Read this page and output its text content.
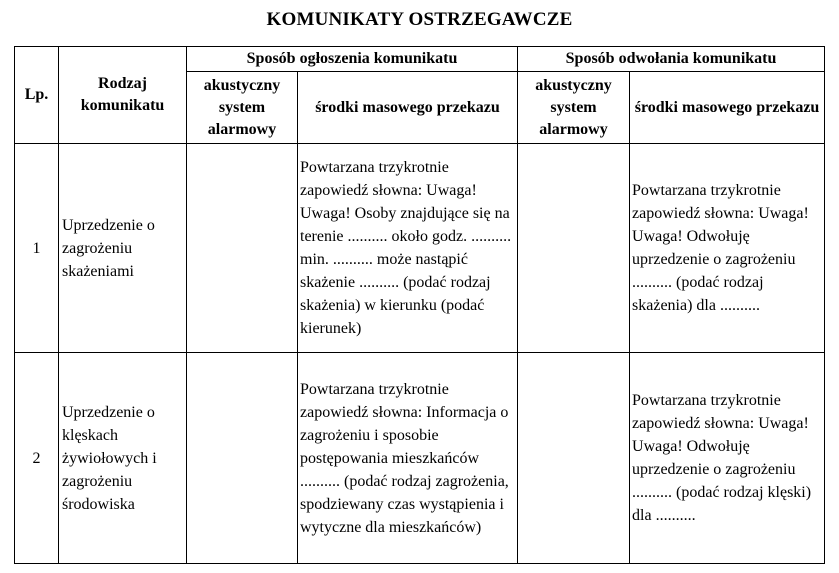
KOMUNIKATY OSTRZEGAWCZE
Lp.	Rodzaj komunikatu	Sposób ogłoszenia komunikatu		Sposób odwołania komunikatu	
		akustyczny system alarmowy	środki masowego przekazu	akustyczny system alarmowy	środki masowego przekazu
1	Uprzedzenie o zagrożeniu skażeniami		Powtarzana trzykrotnie zapowiedź słowna: Uwaga! Uwaga! Osoby znajdujące się na terenie .......... około godz. .......... min. .......... może nastąpić skażenie .......... (podać rodzaj skażenia) w kierunku (podać kierunek)		Powtarzana trzykrotnie zapowiedź słowna: Uwaga! Uwaga! Odwołuję uprzedzenie o zagrożeniu .......... (podać rodzaj skażenia) dla ..........
2	Uprzedzenie o klęskach żywiołowych i zagrożeniu środowiska		Powtarzana trzykrotnie zapowiedź słowna: Informacja o zagrożeniu i sposobie postępowania mieszkańców .......... (podać rodzaj zagrożenia, spodziewany czas wystąpienia i wytyczne dla mieszkańców)		Powtarzana trzykrotnie zapowiedź słowna: Uwaga! Uwaga! Odwołuję uprzedzenie o zagrożeniu .......... (podać rodzaj klęski) dla ..........
